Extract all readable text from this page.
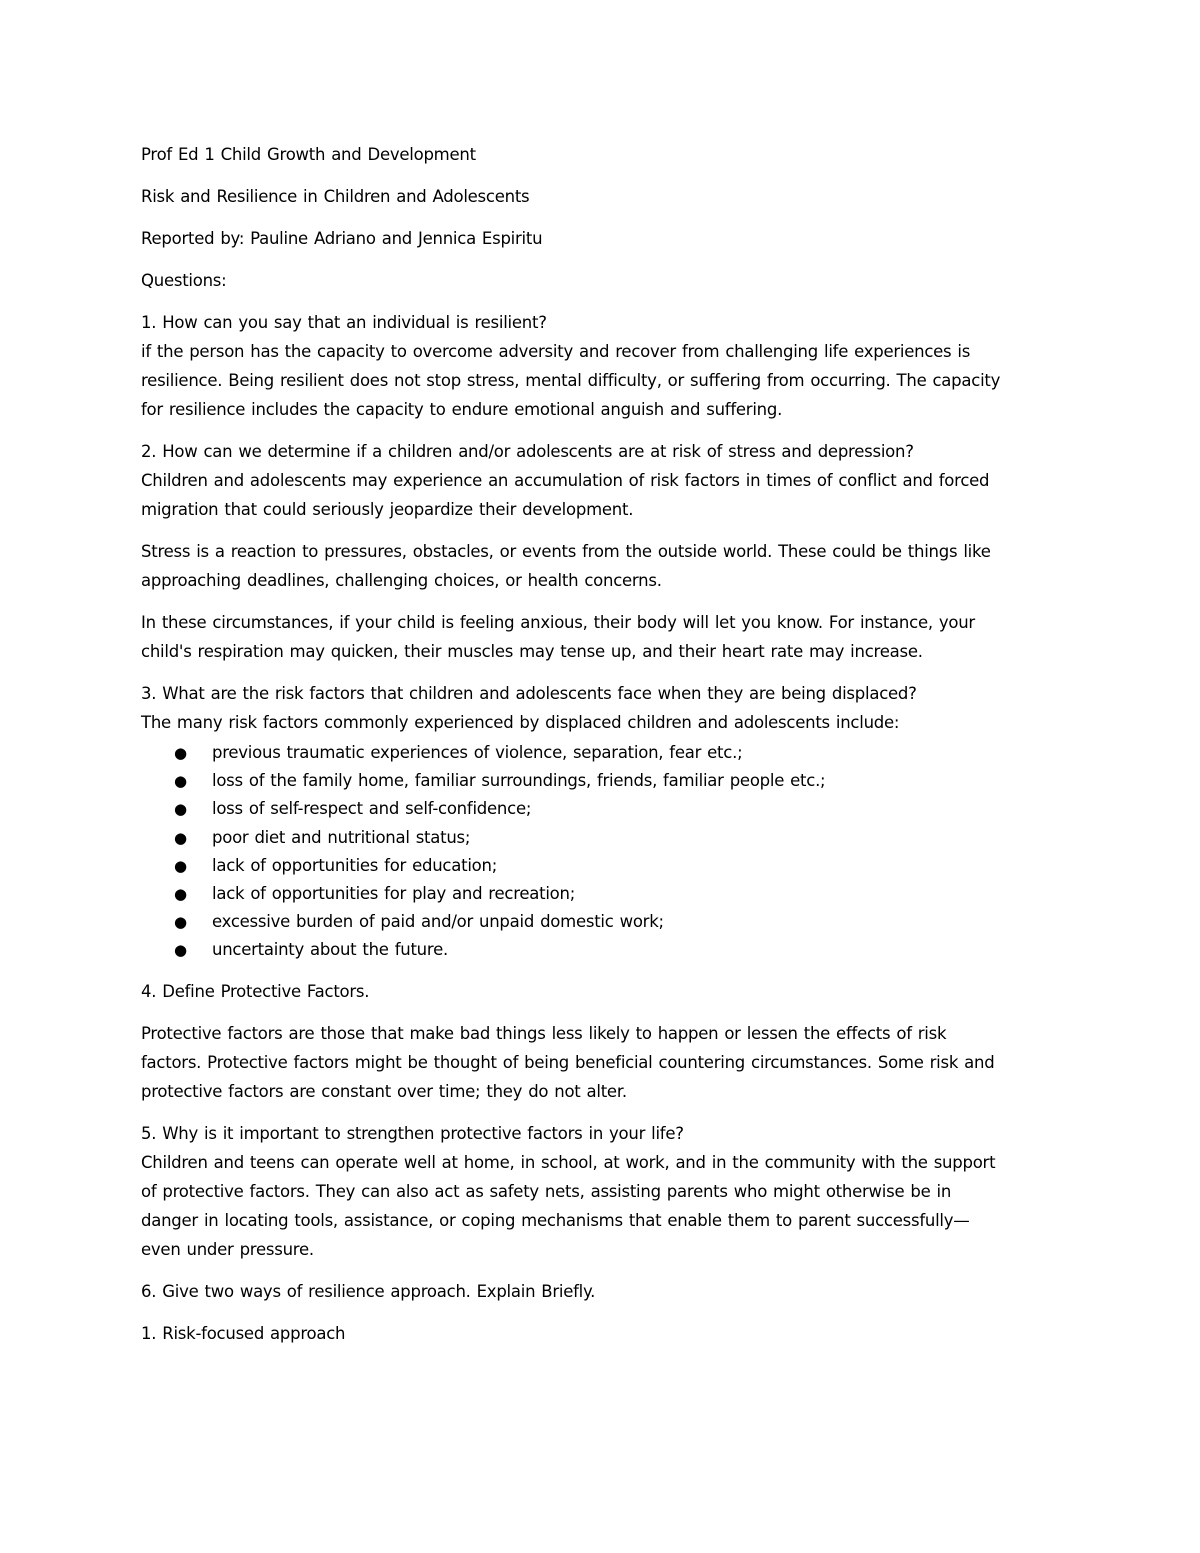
Prof Ed 1 Child Growth and Development

Risk and Resilience in Children and Adolescents

Reported by: Pauline Adriano and Jennica Espiritu

Questions:

1. How can you say that an individual is resilient?
if the person has the capacity to overcome adversity and recover from challenging life experiences is
resilience. Being resilient does not stop stress, mental difficulty, or suffering from occurring. The capacity
for resilience includes the capacity to endure emotional anguish and suffering.

2. How can we determine if a children and/or adolescents are at risk of stress and depression?
Children and adolescents may experience an accumulation of risk factors in times of conflict and forced
migration that could seriously jeopardize their development.

Stress is a reaction to pressures, obstacles, or events from the outside world. These could be things like
approaching deadlines, challenging choices, or health concerns.

In these circumstances, if your child is feeling anxious, their body will let you know. For instance, your
child's respiration may quicken, their muscles may tense up, and their heart rate may increase.

3. What are the risk factors that children and adolescents face when they are being displaced?
The many risk factors commonly experienced by displaced children and adolescents include:

● previous traumatic experiences of violence, separation, fear etc.;
● loss of the family home, familiar surroundings, friends, familiar people etc.;
● loss of self-respect and self-confidence;
● poor diet and nutritional status;
● lack of opportunities for education;
● lack of opportunities for play and recreation;
● excessive burden of paid and/or unpaid domestic work;
● uncertainty about the future.

4. Define Protective Factors.

Protective factors are those that make bad things less likely to happen or lessen the effects of risk
factors. Protective factors might be thought of being beneficial countering circumstances. Some risk and
protective factors are constant over time; they do not alter.

5. Why is it important to strengthen protective factors in your life?
Children and teens can operate well at home, in school, at work, and in the community with the support
of protective factors. They can also act as safety nets, assisting parents who might otherwise be in
danger in locating tools, assistance, or coping mechanisms that enable them to parent successfully—
even under pressure.

6. Give two ways of resilience approach. Explain Briefly.

1. Risk-focused approach
